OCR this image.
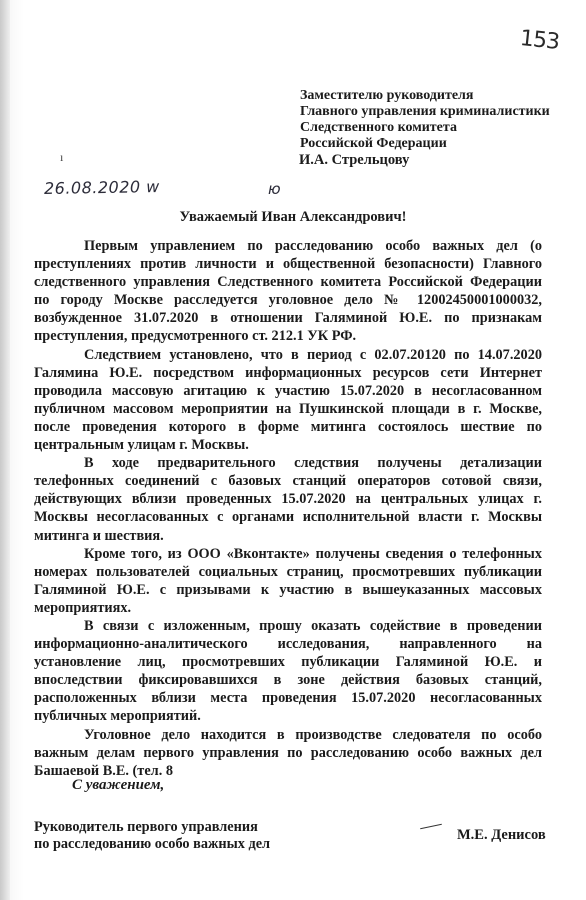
153
Заместителю руководителя
Главного управления криминалистики
Следственного комитета
Российской Федерации
И.А. Стрельцову
26.08.2020 w	ю
ı
Уважаемый Иван Александрович!

Первым управлением по расследованию особо важных дел (о преступлениях против личности и общественной безопасности) Главного следственного управления Следственного комитета Российской Федерации по городу Москве расследуется уголовное дело № 12002450001000032, возбужденное 31.07.2020 в отношении Галяминой Ю.Е. по признакам преступления, предусмотренного ст. 212.1 УК РФ.

Следствием установлено, что в период с 02.07.20120 по 14.07.2020 Галямина Ю.Е. посредством информационных ресурсов сети Интернет проводила массовую агитацию к участию 15.07.2020 в несогласованном публичном массовом мероприятии на Пушкинской площади в г. Москве, после проведения которого в форме митинга состоялось шествие по центральным улицам г. Москвы.

В ходе предварительного следствия получены детализации телефонных соединений с базовых станций операторов сотовой связи, действующих вблизи проведенных 15.07.2020 на центральных улицах г. Москвы несогласованных с органами исполнительной власти г. Москвы митинга и шествия.

Кроме того, из ООО «Вконтакте» получены сведения о телефонных номерах пользователей социальных страниц, просмотревших публикации Галяминой Ю.Е. с призывами к участию в вышеуказанных массовых мероприятиях.

В связи с изложенным, прошу оказать содействие в проведении информационно-аналитического исследования, направленного на установление лиц, просмотревших публикации Галяминой Ю.Е. и впоследствии фиксировавшихся в зоне действия базовых станций, расположенных вблизи места проведения 15.07.2020 несогласованных публичных мероприятий.

Уголовное дело находится в производстве следователя по особо важным делам первого управления по расследованию особо важных дел Башаевой В.Е. (тел. 8

С уважением,
Руководитель первого управления
по расследованию особо важных дел
М.Е. Денисов
